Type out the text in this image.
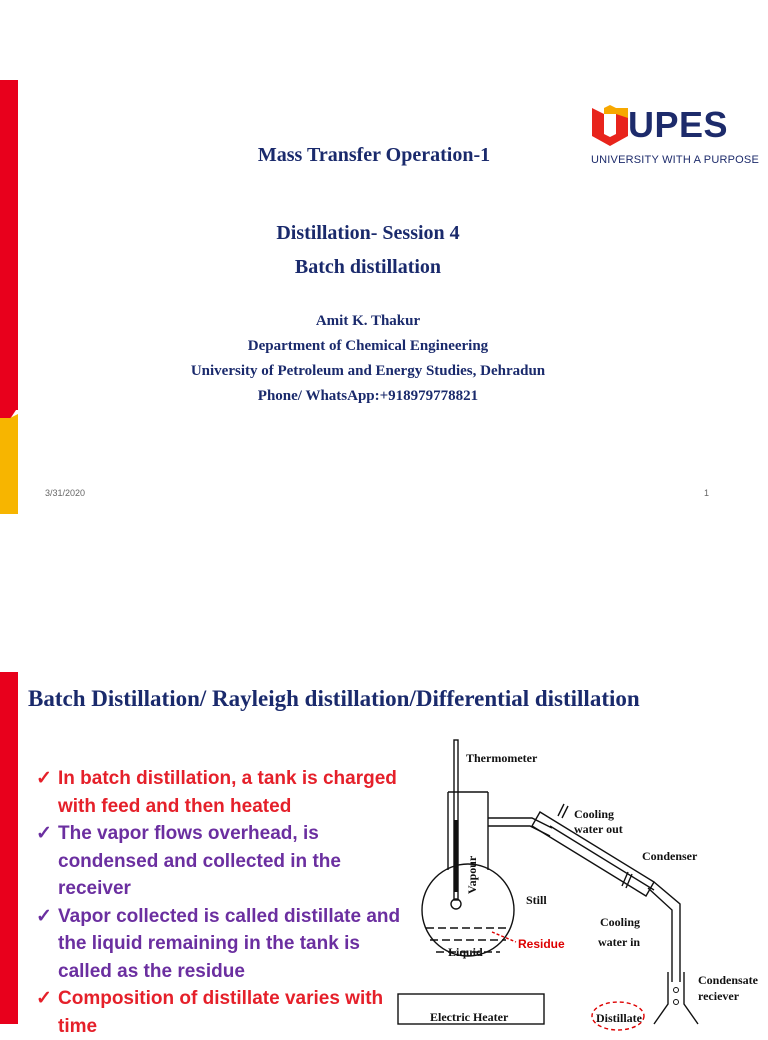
UPES
UNIVERSITY WITH A PURPOSE
Mass Transfer Operation-1
Distillation- Session 4
Batch distillation
Amit K. Thakur
Department of Chemical Engineering
University of Petroleum and Energy Studies, Dehradun
Phone/ WhatsApp:+918979778821
3/31/2020	1
Batch Distillation/ Rayleigh distillation/Differential distillation
✓ In batch distillation, a tank is charged with feed and then heated
✓ The vapor flows overhead, is condensed and collected in the receiver
✓ Vapor collected is called distillate and the liquid remaining in the tank is called as the residue
✓ Composition of distillate varies with time
Thermometer
Cooling
water out
Condenser
Vapour
Still
Cooling
water in
Liquid
Condensate
reciever
Electric Heater	Distillate
Residue
